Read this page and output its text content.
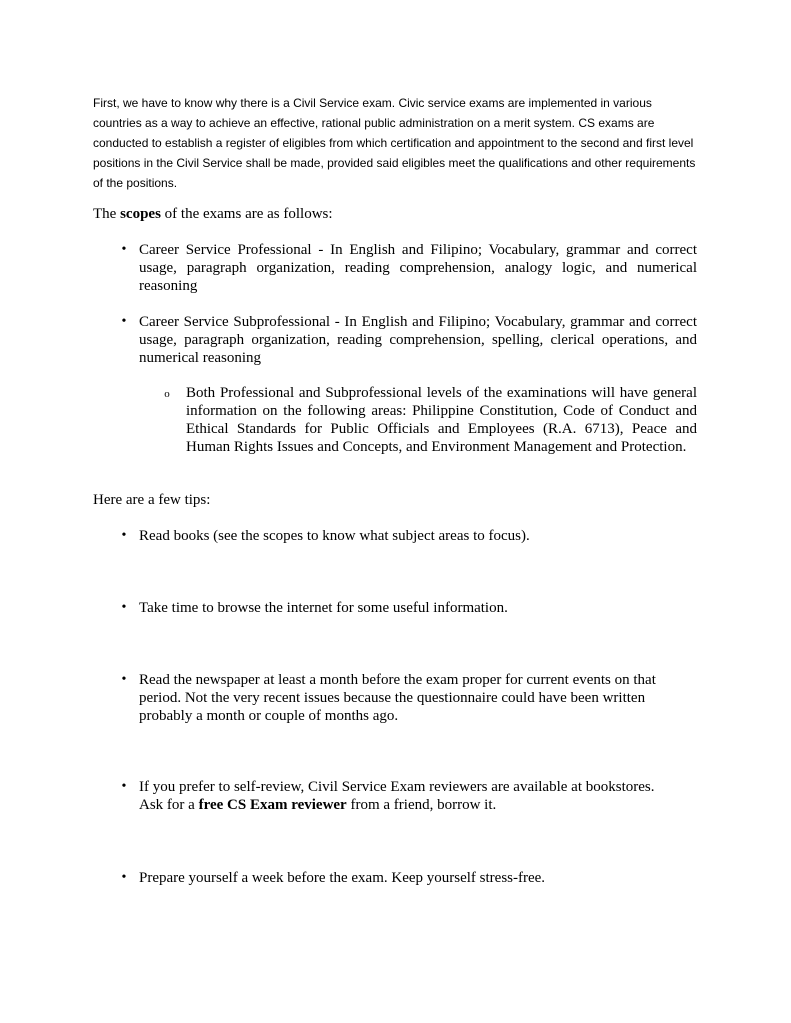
First, we have to know why there is a Civil Service exam. Civic service exams are implemented in various countries as a way to achieve an effective, rational public administration on a merit system. CS exams are conducted to establish a register of eligibles from which certification and appointment to the second and first level positions in the Civil Service shall be made, provided said eligibles meet the qualifications and other requirements of the positions.

The scopes of the exams are as follows:

• Career Service Professional - In English and Filipino; Vocabulary, grammar and correct usage, paragraph organization, reading comprehension, analogy logic, and numerical reasoning

• Career Service Subprofessional - In English and Filipino; Vocabulary, grammar and correct usage, paragraph organization, reading comprehension, spelling, clerical operations, and numerical reasoning

o Both Professional and Subprofessional levels of the examinations will have general information on the following areas: Philippine Constitution, Code of Conduct and Ethical Standards for Public Officials and Employees (R.A. 6713), Peace and Human Rights Issues and Concepts, and Environment Management and Protection.

Here are a few tips:

• Read books (see the scopes to know what subject areas to focus).

• Take time to browse the internet for some useful information.

• Read the newspaper at least a month before the exam proper for current events on that
period. Not the very recent issues because the questionnaire could have been written
probably a month or couple of months ago.

• If you prefer to self-review, Civil Service Exam reviewers are available at bookstores.
Ask for a free CS Exam reviewer from a friend, borrow it.

• Prepare yourself a week before the exam. Keep yourself stress-free.
